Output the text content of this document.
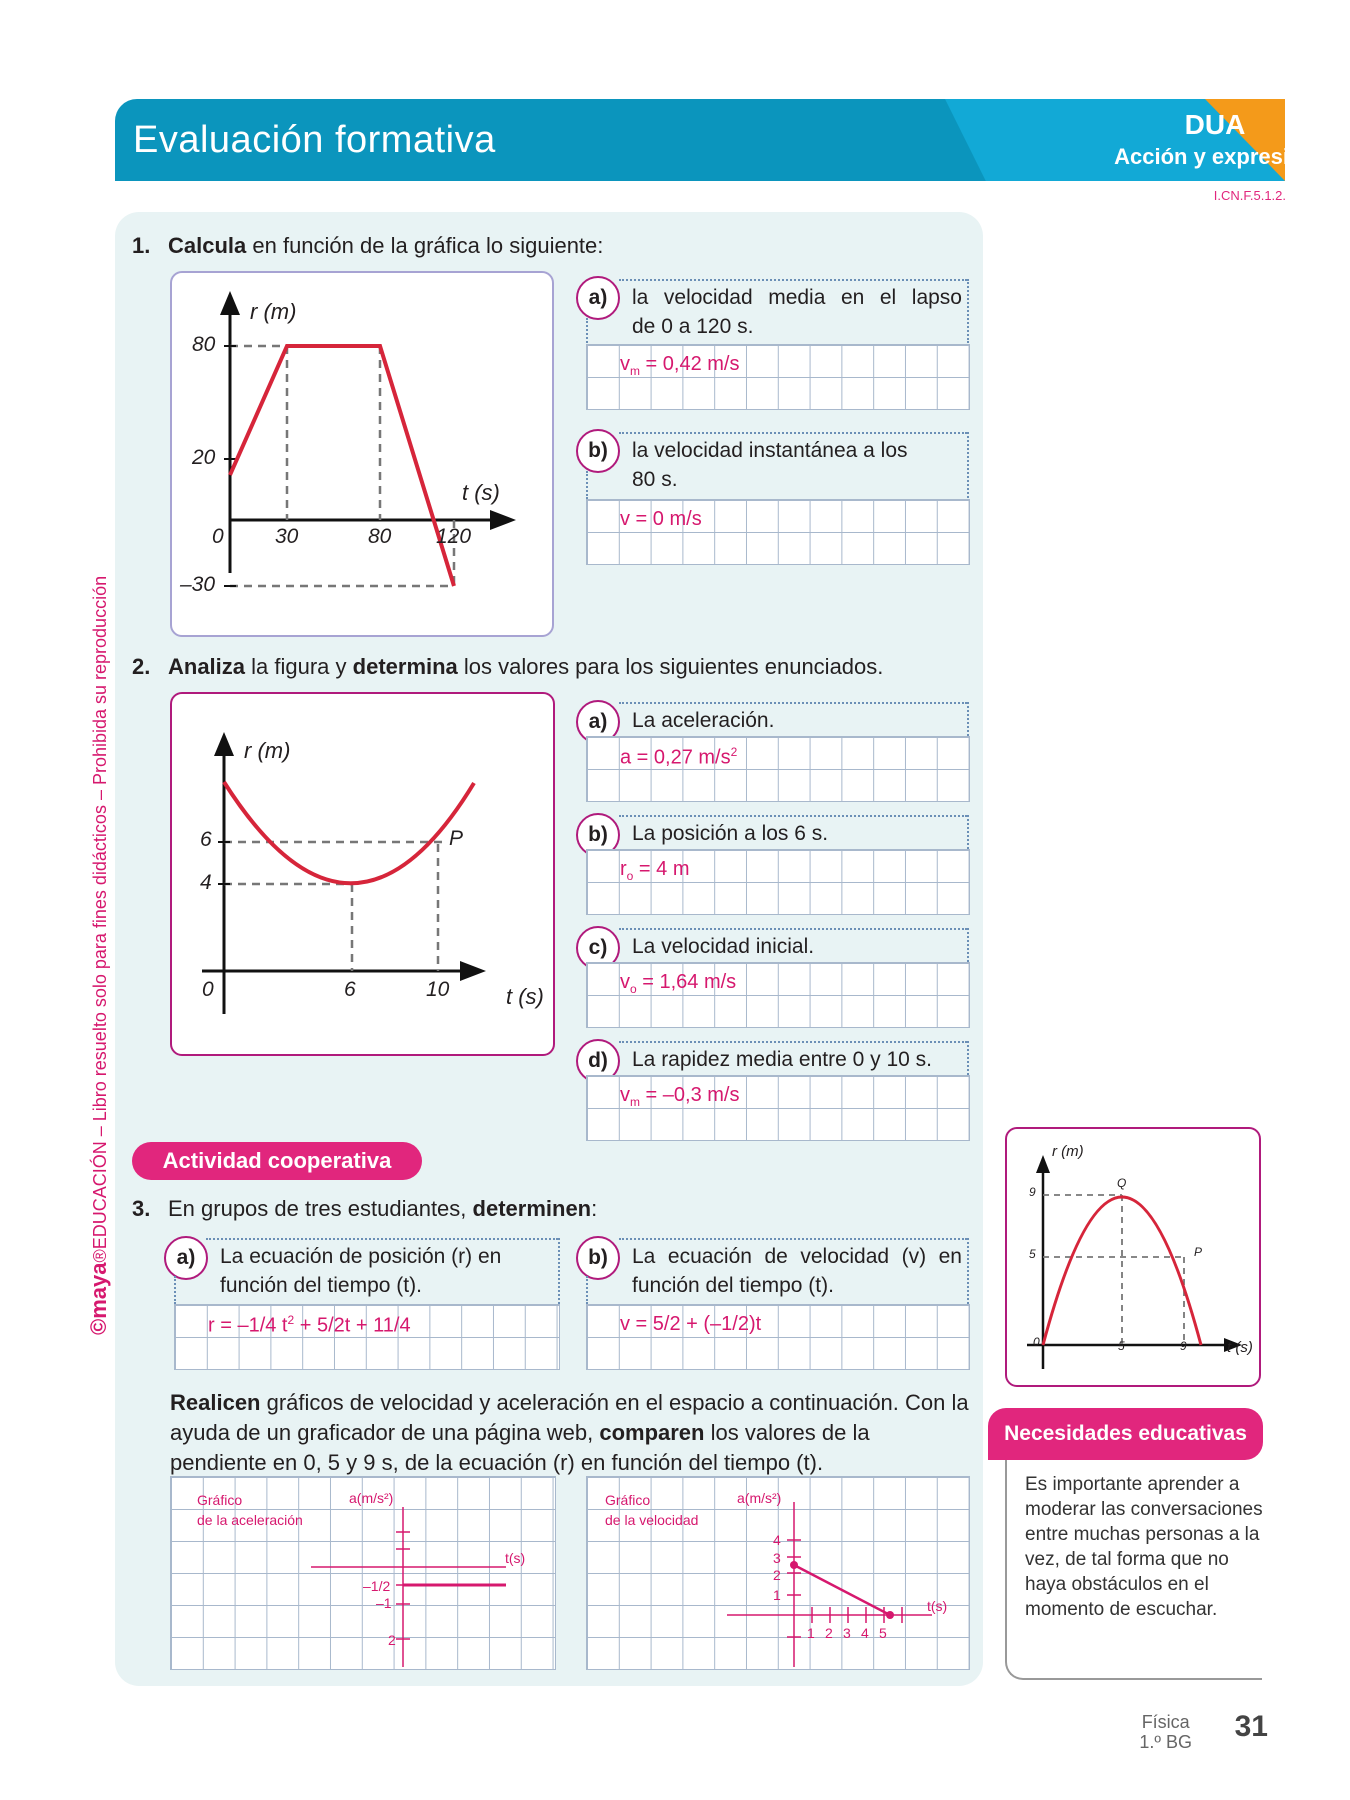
Evaluación formativa	DUA
Acción y expresión
I.CN.F.5.1.2.
©maya®EDUCACIÓN – Libro resuelto solo para fines didácticos – Prohibida su reproducción
1. Calcula en función de la gráfica lo siguiente:
r (m)
t (s)
80
20
0
–30
30	80 120
a)	la velocidad media en el lapso
de 0 a 120 s.
$v_m = 0,42$ m/s
b)	la velocidad instantánea a los
80 s.
v = 0 m/s
2. Analiza la figura y determina los valores para los siguientes enunciados.
r (m)
t (s)
6
4
0	6	10
P
a)	La aceleración.
a = 0,27 $m/s^2$
b)	La posición a los 6 s.
$r_o = 4$ m
c)	La velocidad inicial.
$v_o = 1,64$ m/s
d)	La rapidez media entre 0 y 10 s.
$v_m = -0,3$ m/s
Actividad cooperativa
3. En grupos de tres estudiantes, determinen:
a)	La ecuación de posición (r) en
función del tiempo (t).
r = –1/4 $t^2 + 5/2t + 11/4$
b)	La ecuación de velocidad (v) en
función del tiempo (t).
v = 5/2 + (–1/2)t
Realicen gráficos de velocidad y aceleración en el espacio a continuación. Con la ayuda de un graficador de una página web, comparen los valores de la pendiente en 0, 5 y 9 s, de la ecuación (r) en función del tiempo (t).
Gráfico
de la aceleración
a(m/s²)
t(s)
–1/2
–1
2
Gráfico
de la velocidad
a(m/s²)
t(s)
4
3
2
1
1 2 3 4 5
r (m)
t (s)
9
5
0	5	9
Q
P
Necesidades educativas
Es importante aprender a moderar las conversaciones entre muchas personas a la vez, de tal forma que no haya obstáculos en el momento de escuchar.
Física
1.º BG 31
